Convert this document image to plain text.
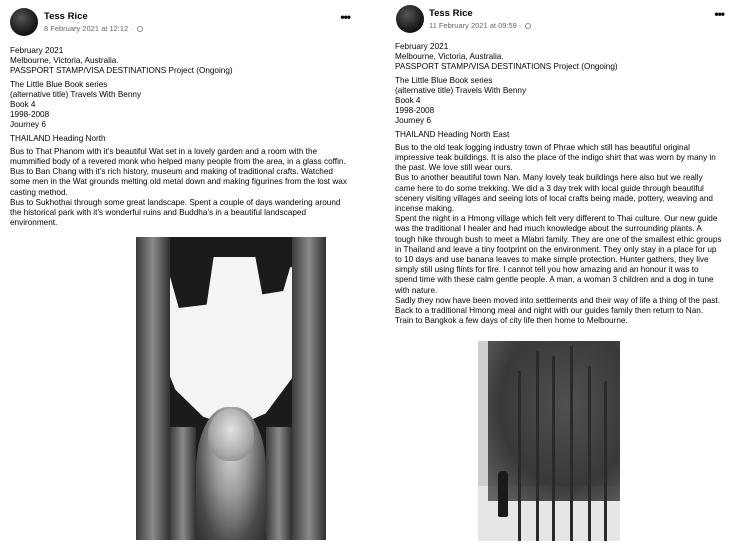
Tess Rice
8 February 2021 at 12:12 ·
•••

February 2021
Melbourne, Victoria, Australia.
PASSPORT STAMP/VISA DESTINATIONS Project (Ongoing)

The Little Blue Book series
(alternative title) Travels With Benny
Book 4
1998-2008
Journey 6

THAILAND Heading North

Bus to That Phanom with it’s beautiful Wat set in a lovely garden and a room with the mummified body of a revered monk who helped many people from the area, in a glass coffin.
Bus to Ban Chang with it’s rich history, museum and making of traditional crafts. Watched some men in the Wat grounds melting old metal down and making figurines from the lost wax casting method.
Bus to Sukhothai through some great landscape. Spent a couple of days wandering around the historical park with it’s wonderful ruins and Buddha’s in a beautiful landscaped environment.

Tess Rice
11 February 2021 at 09:59 ·
•••

February 2021
Melbourne, Victoria, Australia.
PASSPORT STAMP/VISA DESTINATIONS Project (Ongoing)

The Little Blue Book series
(alternative title) Travels With Benny
Book 4
1998-2008
Journey 6

THAILAND Heading North East

Bus to the old teak logging industry town of Phrae which still has beautiful original impressive teak buildings. It is also the place of the indigo shirt that was worn by many in the past. We love still wear ours.
Bus to another beautiful town Nan. Many lovely teak buildings here also but we really came here to do some trekking. We did a 3 day trek with local guide through beautiful scenery visiting villages and seeing lots of local crafts being made, pottery, weaving and incense making.
Spent the night in a Hmong village which felt very different to Thai culture. Our new guide was the traditional I healer and had much knowledge about the surrounding plants. A tough hike through bush to meet a Mlabri family. They are one of the smallest ethic groups in Thailand and leave a tiny footprint on the environment. They only stay in a place for up to 10 days and use banana leaves to make simple protection. Hunter gathers, they live simply still using flints for fire. I cannot tell you how amazing and an honour it was to spend time with these calm gentle people. A man, a woman 3 children and a dog in tune with nature.
Sadly they now have been moved into settlements and their way of life a thing of the past.
Back to a traditional Hmong meal and night with our guides family then return to Nan. Train to Bangkok a few days of city life then home to Melbourne.
